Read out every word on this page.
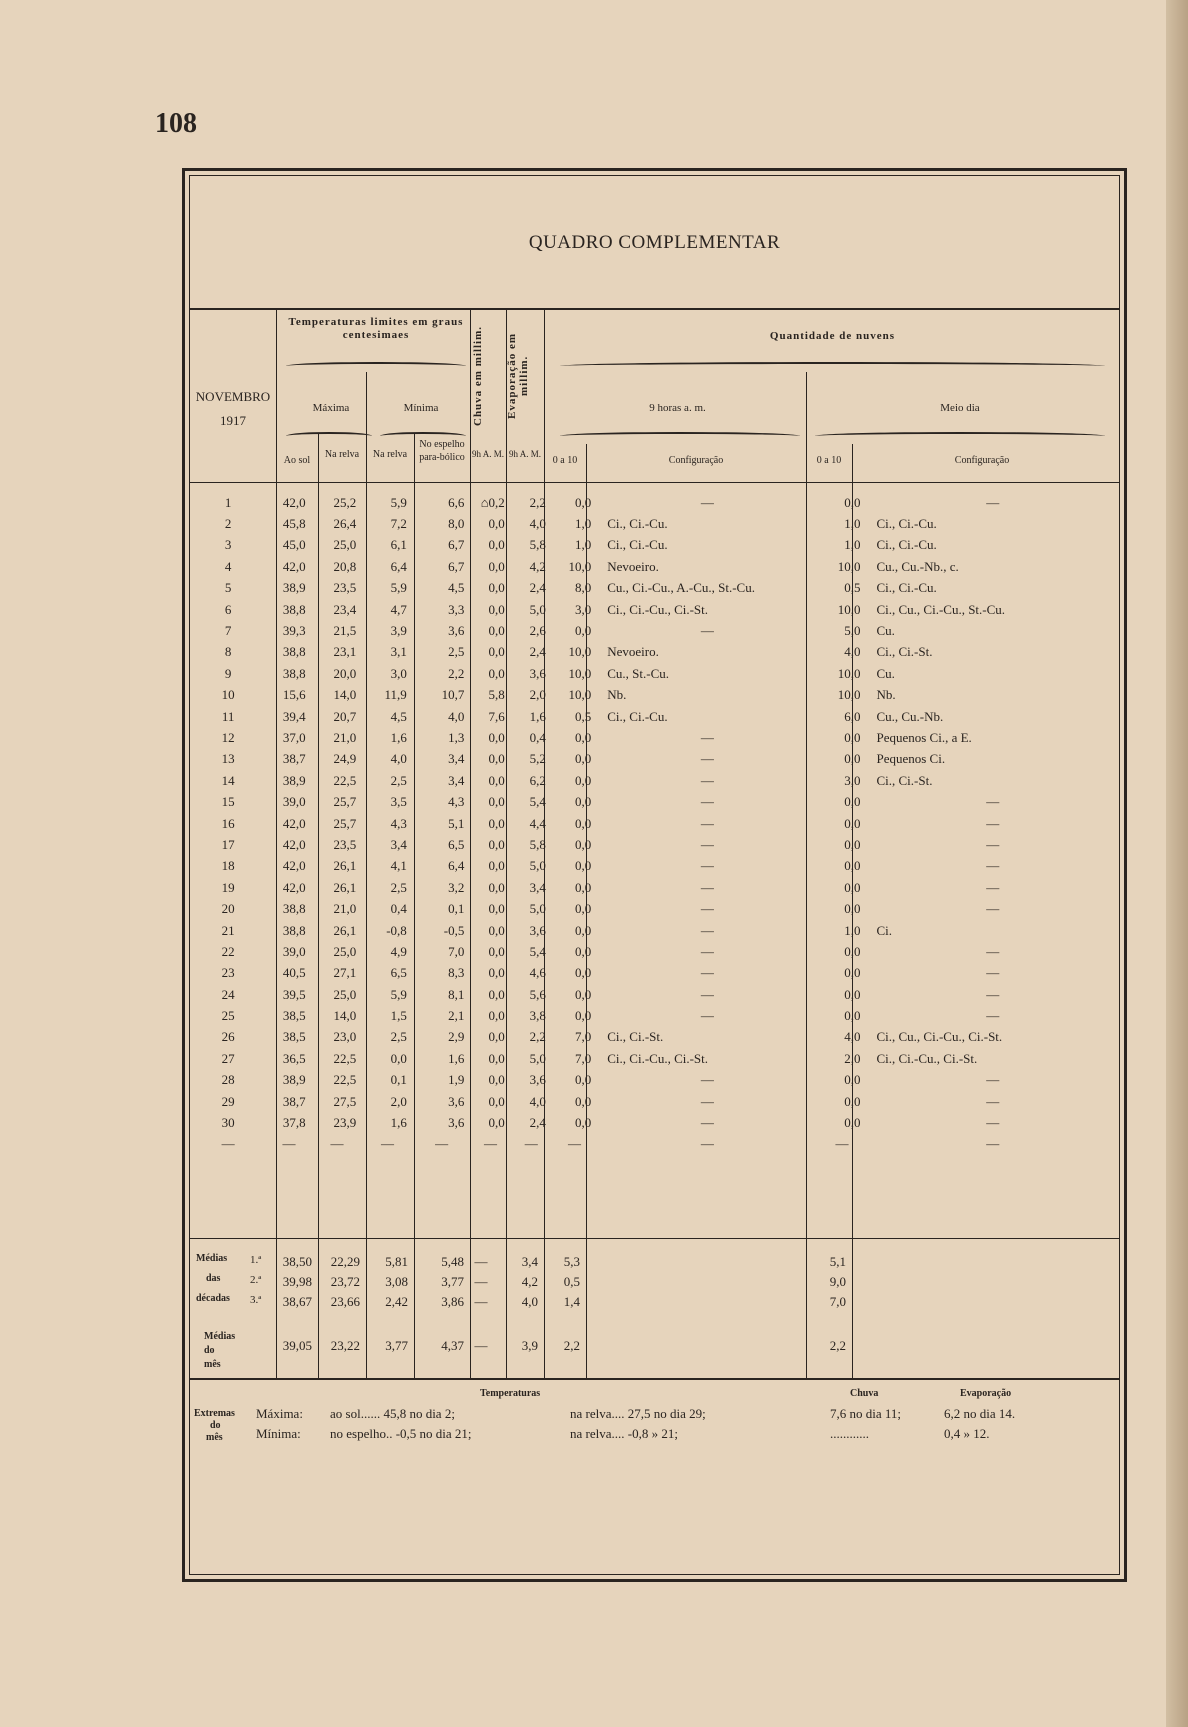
108
QUADRO COMPLEMENTAR
NOVEMBRO
1917
Temperaturas limites em graus centesimaes
Máxima	Mínima	Chuva em millim.	Evaporação em millim.
Quantidade de nuvens
9 horas a. m.	Meio dia
Ao sol
Na relva	Na relva
No espelho para-bólico 9h A. M. 9h A. M.
0 a 10	Configuração	0 a 10	Configuração
1	42,0	25,2	5,9	6,6	⌂0,2	2,2	0,0	—	0,0	—
2	45,8	26,4	7,2	8,0	0,0	4,0	1,0	Ci., Ci.-Cu.	1,0	Ci., Ci.-Cu.
3	45,0	25,0	6,1	6,7	0,0	5,8	1,0	Ci., Ci.-Cu.	1,0	Ci., Ci.-Cu.
4	42,0	20,8	6,4	6,7	0,0	4,2	10,0	Nevoeiro.	10,0	Cu., Cu.-Nb., c.
5	38,9	23,5	5,9	4,5	0,0	2,4	8,0	Cu., Ci.-Cu., A.-Cu., St.-Cu.	0,5	Ci., Ci.-Cu.
6	38,8	23,4	4,7	3,3	0,0	5,0	3,0	Ci., Ci.-Cu., Ci.-St.	10,0	Ci., Cu., Ci.-Cu., St.-Cu.
7	39,3	21,5	3,9	3,6	0,0	2,6	0,0	—	5,0	Cu.
8	38,8	23,1	3,1	2,5	0,0	2,4	10,0	Nevoeiro.	4,0	Ci., Ci.-St.
9	38,8	20,0	3,0	2,2	0,0	3,6	10,0	Cu., St.-Cu.	10,0	Cu.
10	15,6	14,0	11,9	10,7	5,8	2,0	10,0	Nb.	10,0	Nb.

11	39,4	20,7	4,5	4,0	7,6	1,6	0,5	Ci., Ci.-Cu.	6,0	Cu., Cu.-Nb.
12	37,0	21,0	1,6	1,3	0,0	0,4	0,0	—	0,0	Pequenos Ci., a E.
13	38,7	24,9	4,0	3,4	0,0	5,2	0,0	—	0,0	Pequenos Ci.
14	38,9	22,5	2,5	3,4	0,0	6,2	0,0	—	3,0	Ci., Ci.-St.
15	39,0	25,7	3,5	4,3	0,0	5,4	0,0	—	0,0	—
16	42,0	25,7	4,3	5,1	0,0	4,4	0,0	—	0,0	—
17	42,0	23,5	3,4	6,5	0,0	5,8	0,0	—	0,0	—
18	42,0	26,1	4,1	6,4	0,0	5,0	0,0	—	0,0	—
19	42,0	26,1	2,5	3,2	0,0	3,4	0,0	—	0,0	—
20	38,8	21,0	0,4	0,1	0,0	5,0	0,0	—	0,0	—

21	38,8	26,1	-0,8	-0,5	0,0	3,6	0,0	—	1,0	Ci.
22	39,0	25,0	4,9	7,0	0,0	5,4	0,0	—	0,0	—
23	40,5	27,1	6,5	8,3	0,0	4,6	0,0	—	0,0	—
24	39,5	25,0	5,9	8,1	0,0	5,6	0,0	—	0,0	—
25	38,5	14,0	1,5	2,1	0,0	3,8	0,0	—	0,0	—
26	38,5	23,0	2,5	2,9	0,0	2,2	7,0	Ci., Ci.-St.	4,0	Ci., Cu., Ci.-Cu., Ci.-St.
27	36,5	22,5	0,0	1,6	0,0	5,0	7,0	Ci., Ci.-Cu., Ci.-St.	2,0	Ci., Ci.-Cu., Ci.-St.
28	38,9	22,5	0,1	1,9	0,0	3,6	0,0	—	0,0	—
29	38,7	27,5	2,0	3,6	0,0	4,0	0,0	—	0,0	—
30	37,8	23,9	1,6	3,6	0,0	2,4	0,0	—	0,0	—

—	—	—	—	—	—	—	—	—	—	—
Médias
das
décadas
1.ª	38,50	22,29	5,81	5,48 —	3,4	5,3	5,1
2.ª	39,98	23,72	3,08	3,77 —	4,2	0,5	9,0
3.ª	38,67	23,66	2,42	3,86 —	4,0	1,4	7,0
Médias
do mês
39,05	23,22	3,77	4,37 —	3,9	2,2	2,2
Temperaturas	Chuva	Evaporação
Extremas
do
mês
Máxima:
Mínima:
ao sol...... 45,8 no dia 2;	na relva.... 27,5 no dia 29;	7,6 no dia 11;	6,2 no dia 14.
no espelho.. -0,5 no dia 21;	na relva.... -0,8 » 21;	............	0,4 » 12.
